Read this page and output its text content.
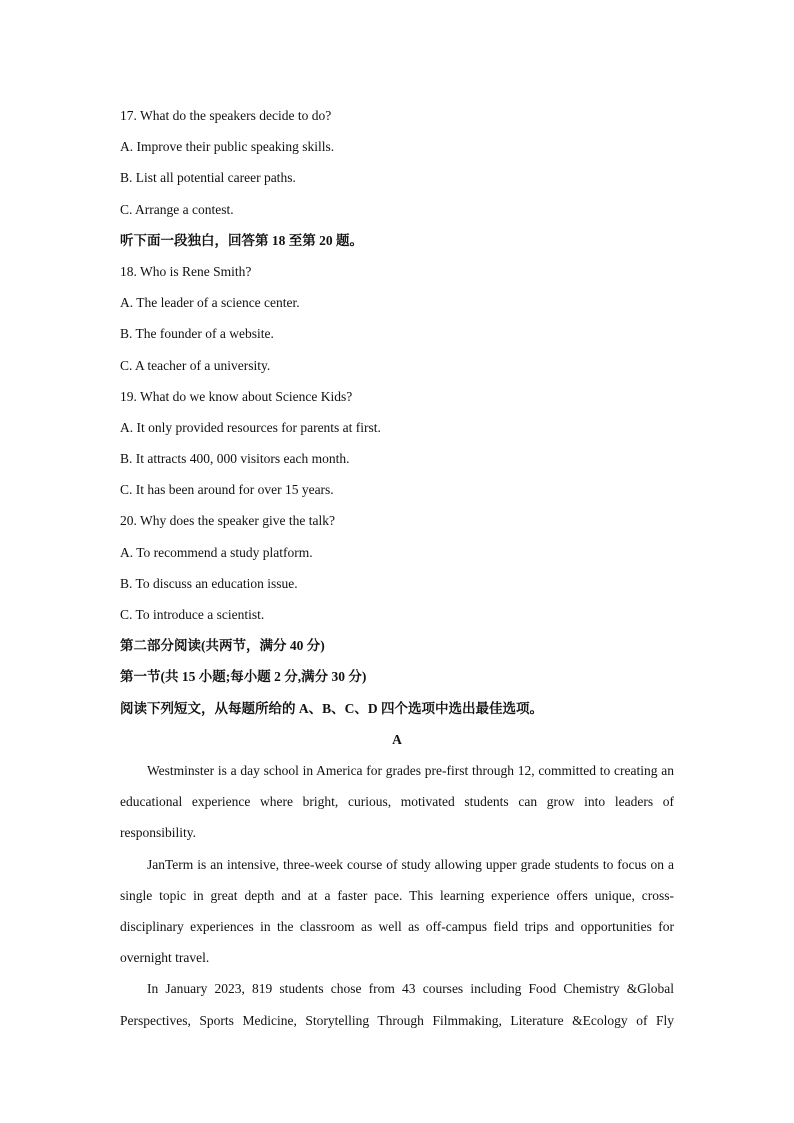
17. What do the speakers decide to do?
A. Improve their public speaking skills.
B. List all potential career paths.
C. Arrange a contest.
听下面一段独白，回答第 18 至第 20 题。
18. Who is Rene Smith?
A. The leader of a science center.
B. The founder of a website.
C. A teacher of a university.
19. What do we know about Science Kids?
A. It only provided resources for parents at first.
B. It attracts 400, 000 visitors each month.
C. It has been around for over 15 years.
20. Why does the speaker give the talk?
A. To recommend a study platform.
B. To discuss an education issue.
C. To introduce a scientist.
第二部分阅读(共两节，满分 40 分)
第一节(共 15 小题;每小题 2 分,满分 30 分)
阅读下列短文，从每题所给的 A、B、C、D 四个选项中选出最佳选项。
A
Westminster is a day school in America for grades pre-first through 12, committed to creating an educational experience where bright, curious, motivated students can grow into leaders of responsibility.
JanTerm is an intensive, three-week course of study allowing upper grade students to focus on a single topic in great depth and at a faster pace. This learning experience offers unique, cross-disciplinary experiences in the classroom as well as off-campus field trips and opportunities for overnight travel.
In January 2023, 819 students chose from 43 courses including Food Chemistry &Global Perspectives, Sports Medicine, Storytelling Through Filmmaking, Literature &Ecology of Fly
